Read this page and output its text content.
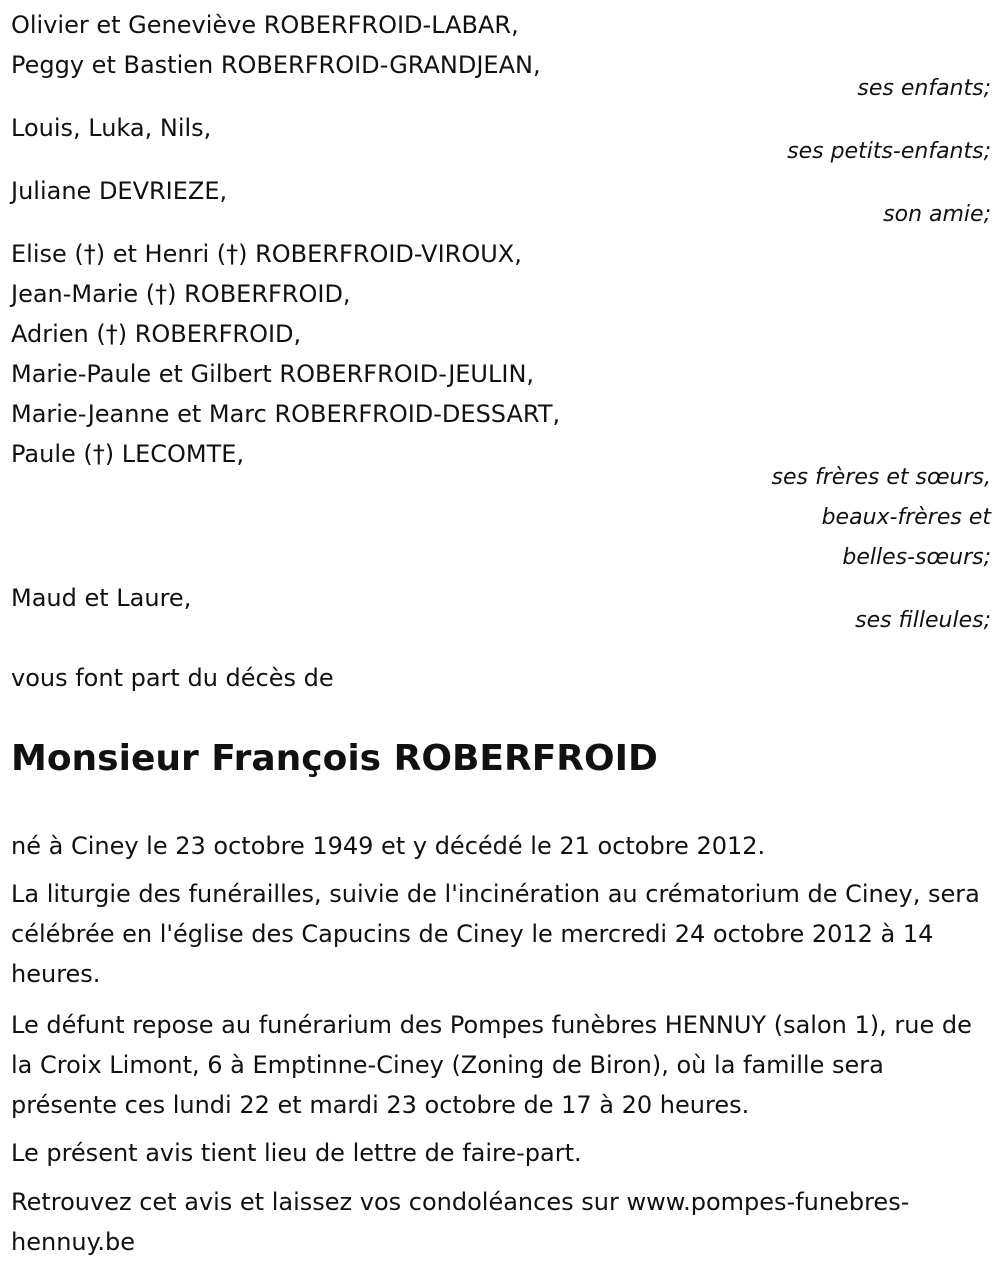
Olivier et Geneviève ROBERFROID-LABAR,
Peggy et Bastien ROBERFROID-GRANDJEAN,
ses enfants;
Louis, Luka, Nils,
ses petits-enfants;
Juliane DEVRIEZE,
son amie;
Elise (†) et Henri (†) ROBERFROID-VIROUX,
Jean-Marie (†) ROBERFROID,
Adrien (†) ROBERFROID,
Marie-Paule et Gilbert ROBERFROID-JEULIN,
Marie-Jeanne et Marc ROBERFROID-DESSART,
Paule (†) LECOMTE,
ses frères et sœurs,
beaux-frères et
belles-sœurs;
Maud et Laure,
ses filleules;
vous font part du décès de
Monsieur François ROBERFROID
né à Ciney le 23 octobre 1949 et y décédé le 21 octobre 2012.
La liturgie des funérailles, suivie de l'incinération au crématorium de Ciney, sera célébrée en l'église des Capucins de Ciney le mercredi 24 octobre 2012 à 14 heures.
Le défunt repose au funérarium des Pompes funèbres HENNUY (salon 1), rue de la Croix Limont, 6 à Emptinne-Ciney (Zoning de Biron), où la famille sera présente ces lundi 22 et mardi 23 octobre de 17 à 20 heures.
Le présent avis tient lieu de lettre de faire-part.
Retrouvez cet avis et laissez vos condoléances sur www.pompes-funebres-hennuy.be
